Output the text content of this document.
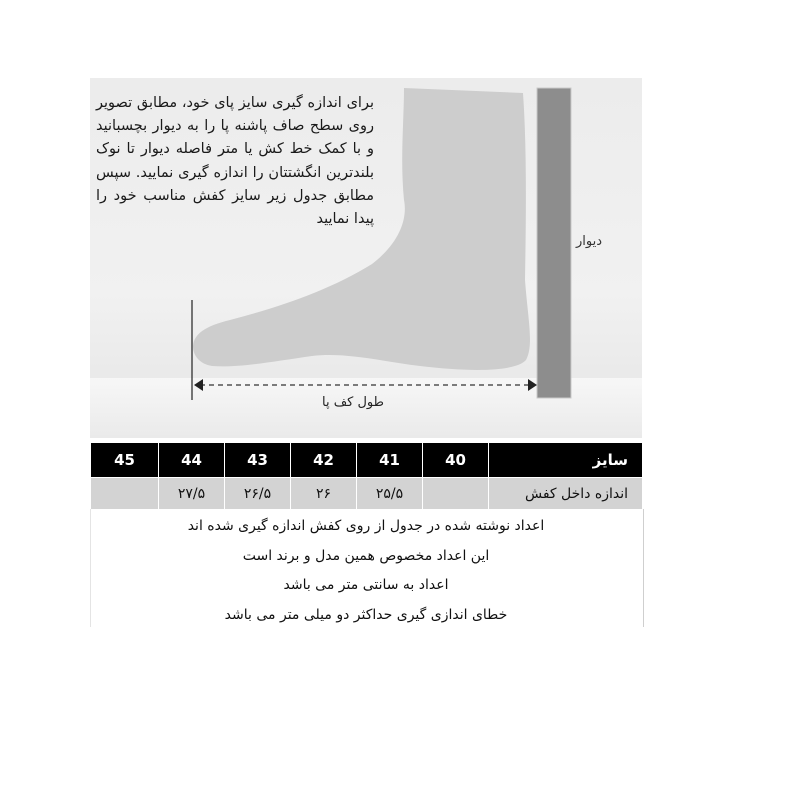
برای اندازه گیری سایز پای خود، مطابق تصویر روی سطح صاف پاشنه پا را به دیوار بچسبانید و با کمک خط کش یا متر فاصله دیوار تا نوک بلندترین انگشتتان را اندازه گیری نمایید. سپس مطابق جدول زیر سایز کفش مناسب خود را پیدا نمایید
دیوار
طول کف پا
45	44	43	42	41	40	سایز
	۲۷/۵	۲۶/۵	۲۶	۲۵/۵		اندازه داخل کفش
اعداد نوشته شده در جدول از روی کفش اندازه گیری شده اند
این اعداد مخصوص همین مدل و برند است
اعداد به سانتی متر می باشد
خطای اندازی گیری حداکثر دو میلی متر می باشد
